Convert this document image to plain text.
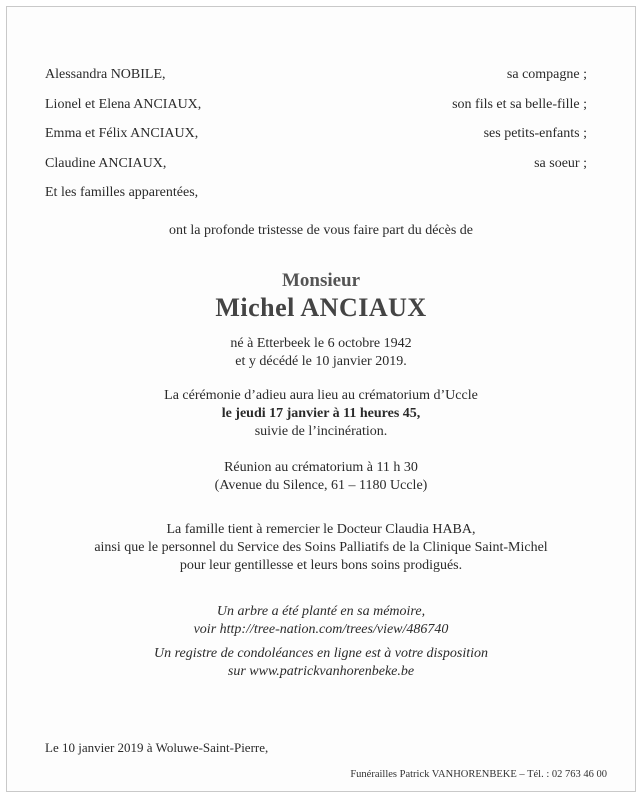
Alessandra NOBILE,	sa compagne ;
Lionel et Elena ANCIAUX,	son fils et sa belle-fille ;
Emma et Félix ANCIAUX,	ses petits-enfants ;
Claudine ANCIAUX,	sa soeur ;
Et les familles apparentées,
ont la profonde tristesse de vous faire part du décès de
Monsieur
Michel ANCIAUX
né à Etterbeek le 6 octobre 1942
et y décédé le 10 janvier 2019.
La cérémonie d’adieu aura lieu au crématorium d’Uccle
le jeudi 17 janvier à 11 heures 45,
suivie de l’incinération.
Réunion au crématorium à 11 h 30
(Avenue du Silence, 61 – 1180 Uccle)
La famille tient à remercier le Docteur Claudia HABA,
ainsi que le personnel du Service des Soins Palliatifs de la Clinique Saint-Michel
pour leur gentillesse et leurs bons soins prodigués.
Un arbre a été planté en sa mémoire,
voir http://tree-nation.com/trees/view/486740
Un registre de condoléances en ligne est à votre disposition
sur www.patrickvanhorenbeke.be
Le 10 janvier 2019 à Woluwe-Saint-Pierre,
Funérailles Patrick VANHORENBEKE – Tél. : 02 763 46 00
